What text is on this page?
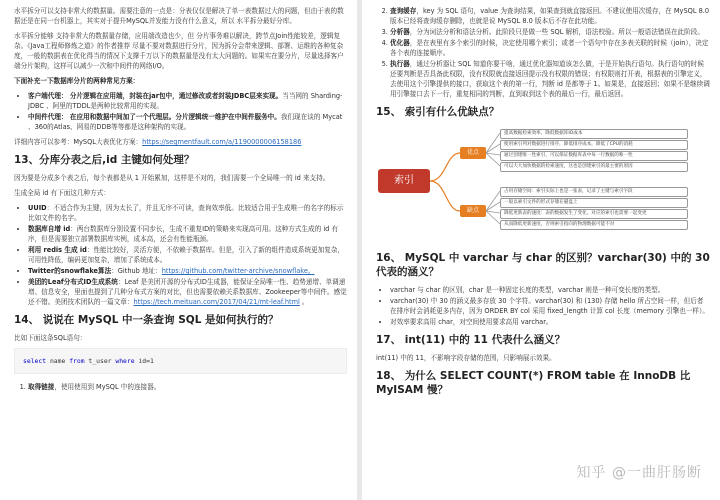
水平拆分可以支持非常大的数据量。需要注意的一点是：分表仅仅是解决了单一表数据过大的问题，但由于表的数据还是在同一台机器上，其实对于提升MySQL并发能力没有什么意义，所以 水平拆分最好分库。

水平拆分能够 支持非常大的数据量存储，应用端改造也少，但 分片事务难以解决，跨节点Join性能较差，逻辑复杂。《Java工程师修炼之道》的作者推荐 尽量不要对数据进行分片，因为拆分会带来逻辑、部署、运维的各种复杂度，一般的数据表在优化得当的情况下支撑千万以下的数据量是没有太大问题的。如果实在要分片，尽量选择客户端分片架构，这样可以减少一次和中间件的网络I/O。

下面补充一下数据库分片的两种常见方案：

• 客户端代理： 分片逻辑在应用端，封装在jar包中，通过修改或者封装JDBC层来实现。当当网的 Sharding-JDBC 、阿里的TDDL是两种比较常用的实现。
• 中间件代理： 在应用和数据中间加了一个代理层。分片逻辑统一维护在中间件服务中。我们现在谈的 Mycat 、360的Atlas、网易的DDB等等都是这种架构的实现。

详细内容可以参考：MySQL大表优化方案：https://segmentfault.com/a/1190000006158186

13、分库分表之后,id 主键如何处理？

因为要是分成多个表之后，每个表都是从 1 开始累加，这样是不对的，我们需要一个全局唯一的 id 来支持。

生成全局 id 有下面这几种方式：

• UUID：不适合作为主键，因为太长了，并且无序不可读，查询效率低。比较适合用于生成唯一的名字的标示比如文件的名字。
• 数据库自增 id：两台数据库分别设置不同步长，生成不重复ID的策略来实现高可用。这种方式生成的 id 有序，但是需要独立部署数据库实例，成本高，还会有性能瓶颈。
• 利用 redis 生成 id：性能比较好，灵活方便，不依赖于数据库。但是，引入了新的组件造成系统更加复杂，可用性降低，编码更加复杂，增加了系统成本。
• Twitter的snowflake算法：Github 地址：https://github.com/twitter-archive/snowflake。
• 美团的Leaf分布式ID生成系统：Leaf 是美团开源的分布式ID生成器，能保证全局唯一性、趋势递增、单调递增、信息安全，里面也提到了几种分布式方案的对比，但也需要依赖关系数据库、Zookeeper等中间件。感觉还不错。美团技术团队的一篇文章：https://tech.meituan.com/2017/04/21/mt-leaf.html 。
14、 说说在 MySQL 中一条查询 SQL 是如何执行的？

比如下面这条SQL语句：

select name from t_user where id=1
1. 取得链接，使用使用到 MySQL 中的连接器。
2. 查询缓存，key 为 SQL 语句，value 为查询结果，如果查到就直接返回。不建议使用次缓存，在 MySQL 8.0 版本已经将查询缓存删除，也就是说 MySQL 8.0 版本后不存在此功能。
3. 分析器，分为词法分析和语法分析。此阶段只是做一些 SQL 解析，语法校验。所以一般语法错误在此阶段。
4. 优化器，是在表里有多个索引的时候，决定使用哪个索引；或者一个语句中存在多表关联的时候（join），决定各个表的连接顺序。
5. 执行器，通过分析器让 SQL 知道你要干啥，通过优化器知道该怎么做，于是开始执行语句。执行语句的时候还要判断是否具备此权限，没有权限就直接返回提示没有权限的错误；有权限则打开表，根据表的引擎定义，去使用这个引擎提供的接口，获取这个表的第一行，判断 id 是都等于 1。如果是，直接返回；如果不是继续调用引擎接口去下一行，重复相同的判断，直到取到这个表的最后一行，最后返回。
15、 索引有什么优缺点？
索引
优点
缺点
提高数据检索效率，降低数据库IO成本
使用索引列对数据进行排序，降低排序成本，降低了CPU的消耗
通过创建唯一性索引，可以保证数据库表中每一行数据的唯一性
可以大大加快数据的检索速度，这也是创建索引的最主要的原因
占用存储空间：索引实际上也是一张表，记录了主键与索引字段
一般以索引文件的形式存储在磁盘上
降低更新表的速度：表的数据发生了变化，对应的索引也需要一起变更
从而降低更新速度，否则索引指向的物理数据可能不对
16、 MySQL 中 varchar 与 char 的区别？varchar(30) 中的 30 代表的涵义？
• varchar 与 char 的区别，char 是一种固定长度的类型，varchar 则是一种可变长度的类型。
• varchar(30) 中 30 的涵义最多存放 30 个字符。varchar(30) 和 (130) 存储 hello 所占空间一样，但后者在排序时会消耗更多内存，因为 ORDER BY col 采用 fixed_length 计算 col 长度（memory 引擎也一样）。
• 对效率要求高用 char，对空间使用要求高用 varchar。
17、 int(11) 中的 11 代表什么涵义？

int(11) 中的 11，不影响字段存储的范围，只影响展示效果。

18、 为什么 SELECT COUNT(*) FROM table 在 InnoDB 比 MyISAM 慢？
知乎 @一曲肝肠断
